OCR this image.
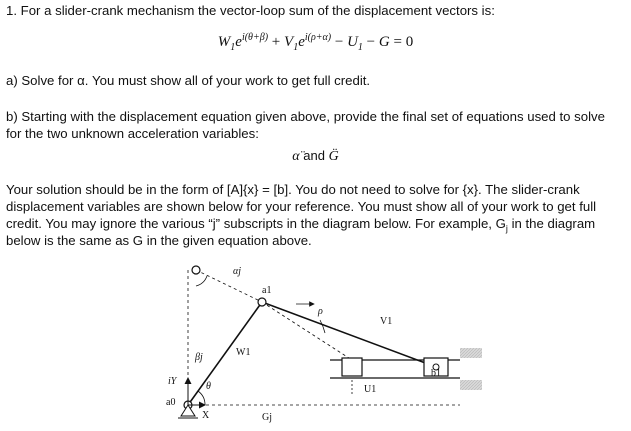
1. For a slider-crank mechanism the vector-loop sum of the displacement vectors is:
$W_1e^{i(\theta+\beta)} + V_1e^{i(\rho+\alpha)} - U_1 - G = 0$
a) Solve for α. You must show all of your work to get full credit.
b) Starting with the displacement equation given above, provide the final set of equations used to solve
for the two unknown acceleration variables:
α̈ and G̈
Your solution should be in the form of [A]{x} = [b]. You do not need to solve for {x}. The slider-crank
displacement variables are shown below for your reference. You must show all of your work to get full
credit. You may ignore the various “j” subscripts in the diagram below. For example, $G_j$ in the diagram
below is the same as G in the given equation above.
b1
αj
a1
ρ
V1
W1
βj
θ	U1
iY
a0
X	Gj
